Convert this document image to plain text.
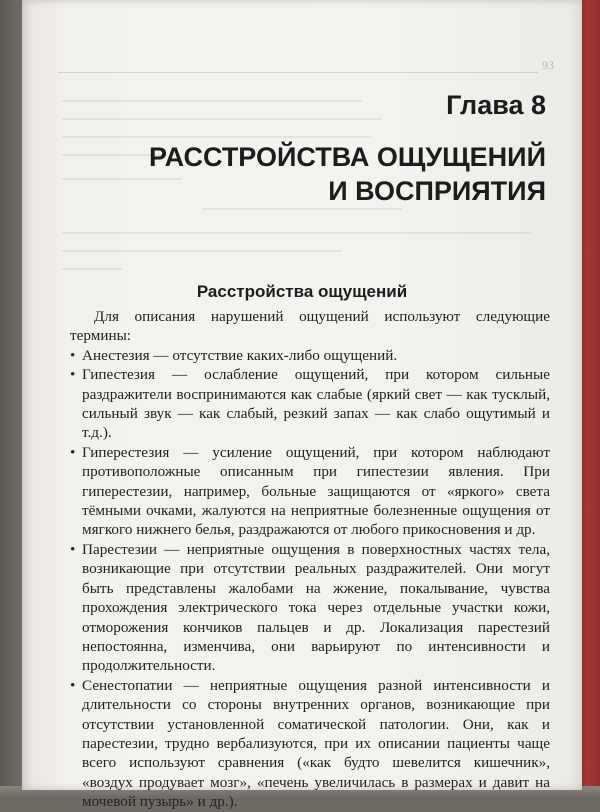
93
Глава 8
РАССТРОЙСТВА ОЩУЩЕНИЙ И ВОСПРИЯТИЯ
Расстройства ощущений

Для описания нарушений ощущений используют следующие термины:

• Анестезия — отсутствие каких-либо ощущений.
• Гипестезия — ослабление ощущений, при котором сильные раздражители воспринимаются как слабые (яркий свет — как тусклый, сильный звук — как слабый, резкий запах — как слабо ощутимый и т.д.).
• Гиперестезия — усиление ощущений, при котором наблюдают противоположные описанным при гипестезии явления. При гиперестезии, например, больные защищаются от «яркого» света тёмными очками, жалуются на неприятные болезненные ощущения от мягкого нижнего белья, раздражаются от любого прикосновения и др.
• Парестезии — неприятные ощущения в поверхностных частях тела, возникающие при отсутствии реальных раздражителей. Они могут быть представлены жалобами на жжение, покалывание, чувства прохождения электрического тока через отдельные участки кожи, отморожения кончиков пальцев и др. Локализация парестезий непостоянна, изменчива, они варьируют по интенсивности и продолжительности.
• Сенестопатии — неприятные ощущения разной интенсивности и длительности со стороны внутренних органов, возникающие при отсутствии установленной соматической патологии. Они, как и парестезии, трудно вербализуются, при их описании пациенты чаще всего используют сравнения («как будто шевелится кишечник», «воздух продувает мозг», «печень увеличилась в размерах и давит на мочевой пузырь» и др.).
